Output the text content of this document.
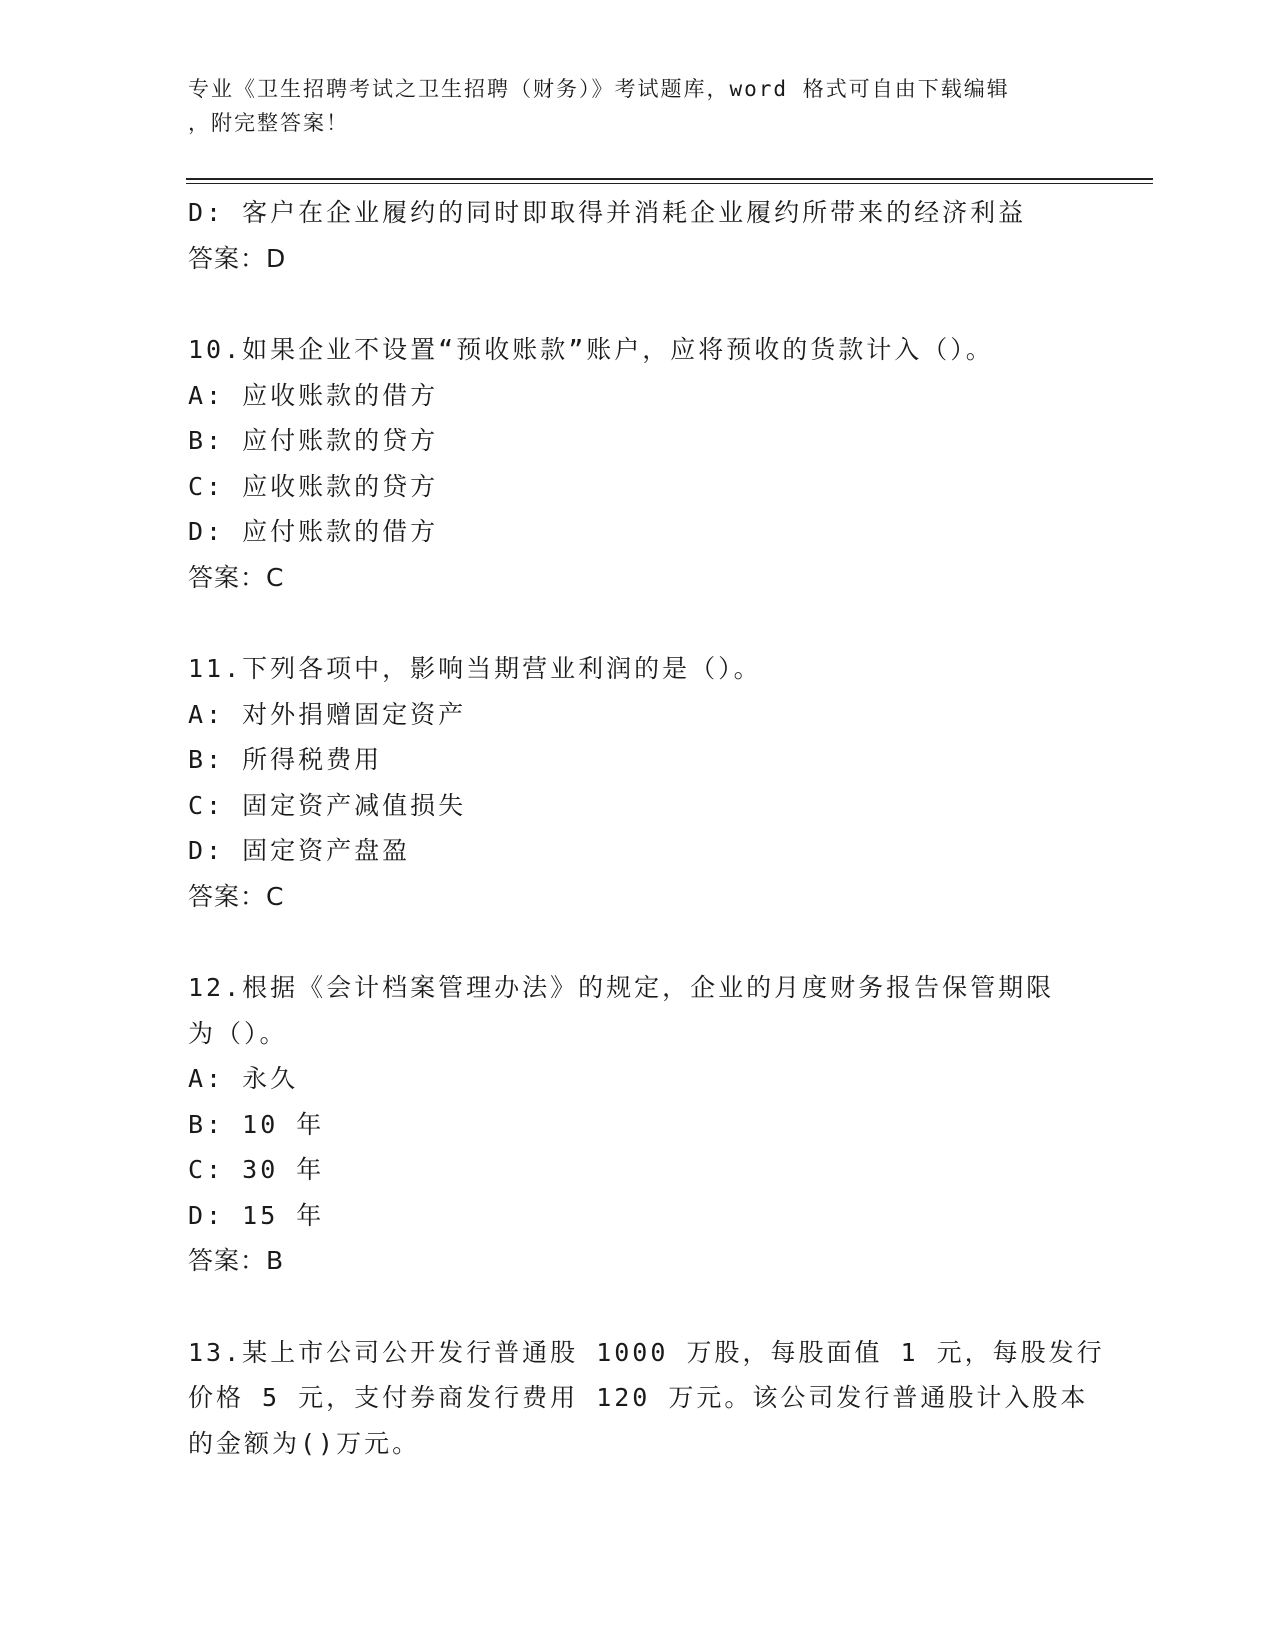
专业《卫生招聘考试之卫生招聘（财务）》考试题库，word 格式可自由下载编辑
，附完整答案！
D: 客户在企业履约的同时即取得并消耗企业履约所带来的经济利益
答案：D
10.如果企业不设置“预收账款”账户，应将预收的货款计入（）。
A: 应收账款的借方
B: 应付账款的贷方
C: 应收账款的贷方
D: 应付账款的借方
答案：C
11.下列各项中，影响当期营业利润的是（）。
A: 对外捐赠固定资产
B: 所得税费用
C: 固定资产减值损失
D: 固定资产盘盈
答案：C
12.根据《会计档案管理办法》的规定，企业的月度财务报告保管期限
为（）。
A: 永久
B: 10 年
C: 30 年
D: 15 年
答案：B
13.某上市公司公开发行普通股 1000 万股，每股面值 1 元，每股发行
价格 5 元，支付券商发行费用 120 万元。该公司发行普通股计入股本
的金额为()万元。
